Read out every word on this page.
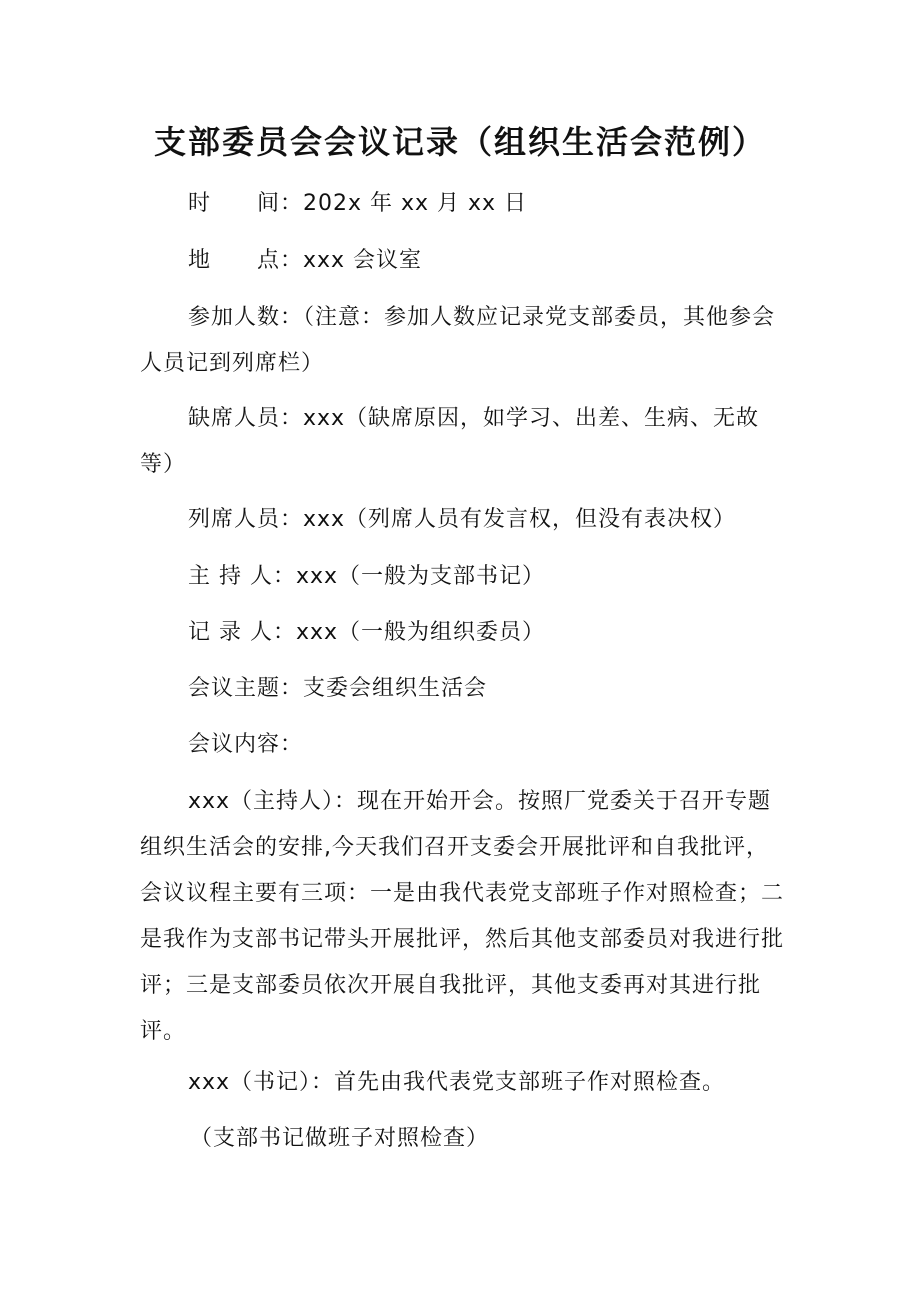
支部委员会会议记录（组织生活会范例）
时　　间：202x 年 xx 月 xx 日
地　　点：xxx 会议室
参加人数：（注意：参加人数应记录党支部委员，其他参会人员记到列席栏）
缺席人员：xxx（缺席原因，如学习、出差、生病、无故等）
列席人员：xxx（列席人员有发言权，但没有表决权）
主 持 人：xxx（一般为支部书记）
记 录 人：xxx（一般为组织委员）
会议主题：支委会组织生活会
会议内容：
xxx（主持人）：现在开始开会。按照厂党委关于召开专题组织生活会的安排,今天我们召开支委会开展批评和自我批评，会议议程主要有三项：一是由我代表党支部班子作对照检查；二是我作为支部书记带头开展批评，然后其他支部委员对我进行批评；三是支部委员依次开展自我批评，其他支委再对其进行批评。
xxx（书记）：首先由我代表党支部班子作对照检查。
（支部书记做班子对照检查）
